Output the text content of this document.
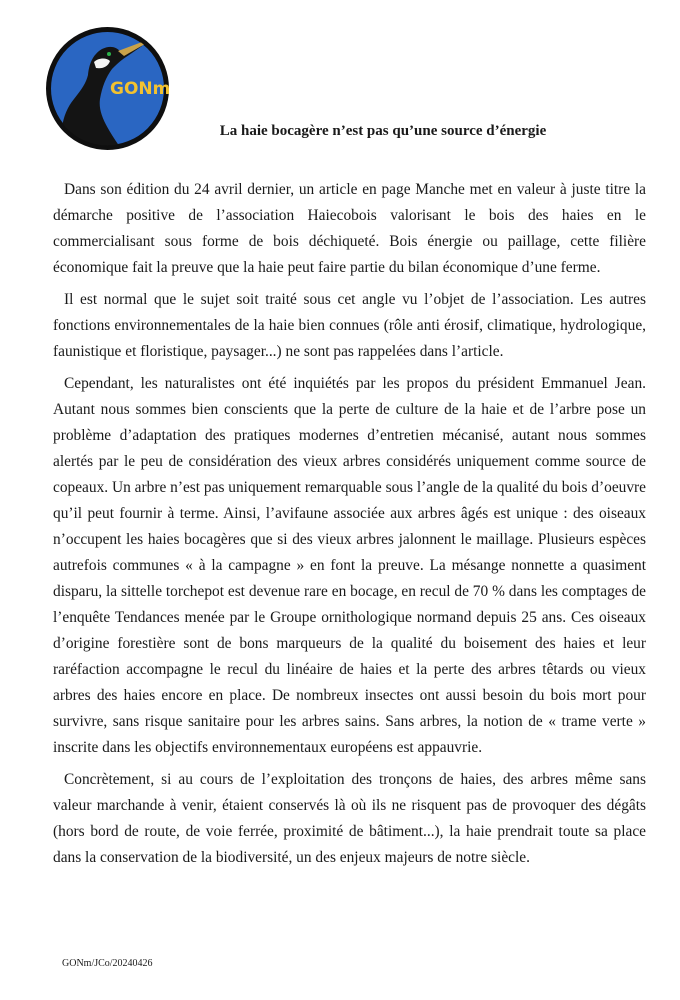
GONm
La haie bocagère n’est pas qu’une source d’énergie

Dans son édition du 24 avril dernier, un article en page Manche met en valeur à juste titre la démarche positive de l’association Haiecobois valorisant le bois des haies en le commercialisant sous forme de bois déchiqueté. Bois énergie ou paillage, cette filière économique fait la preuve que la haie peut faire partie du bilan économique d’une ferme.

Il est normal que le sujet soit traité sous cet angle vu l’objet de l’association. Les autres fonctions environnementales de la haie bien connues (rôle anti érosif, climatique, hydrologique, faunistique et floristique, paysager...) ne sont pas rappelées dans l’article.

Cependant, les naturalistes ont été inquiétés par les propos du président Emmanuel Jean. Autant nous sommes bien conscients que la perte de culture de la haie et de l’arbre pose un problème d’adaptation des pratiques modernes d’entretien mécanisé, autant nous sommes alertés par le peu de considération des vieux arbres considérés uniquement comme source de copeaux. Un arbre n’est pas uniquement remarquable sous l’angle de la qualité du bois d’oeuvre qu’il peut fournir à terme. Ainsi, l’avifaune associée aux arbres âgés est unique : des oiseaux n’occupent les haies bocagères que si des vieux arbres jalonnent le maillage. Plusieurs espèces autrefois communes « à la campagne » en font la preuve. La mésange nonnette a quasiment disparu, la sittelle torchepot est devenue rare en bocage, en recul de 70 % dans les comptages de l’enquête Tendances menée par le Groupe ornithologique normand depuis 25 ans. Ces oiseaux d’origine forestière sont de bons marqueurs de la qualité du boisement des haies et leur raréfaction accompagne le recul du linéaire de haies et la perte des arbres têtards ou vieux arbres des haies encore en place. De nombreux insectes ont aussi besoin du bois mort pour survivre, sans risque sanitaire pour les arbres sains. Sans arbres, la notion de « trame verte » inscrite dans les objectifs environnementaux européens est appauvrie.

Concrètement, si au cours de l’exploitation des tronçons de haies, des arbres même sans valeur marchande à venir, étaient conservés là où ils ne risquent pas de provoquer des dégâts (hors bord de route, de voie ferrée, proximité de bâtiment...), la haie prendrait toute sa place dans la conservation de la biodiversité, un des enjeux majeurs de notre siècle.

GONm/JCo/20240426
